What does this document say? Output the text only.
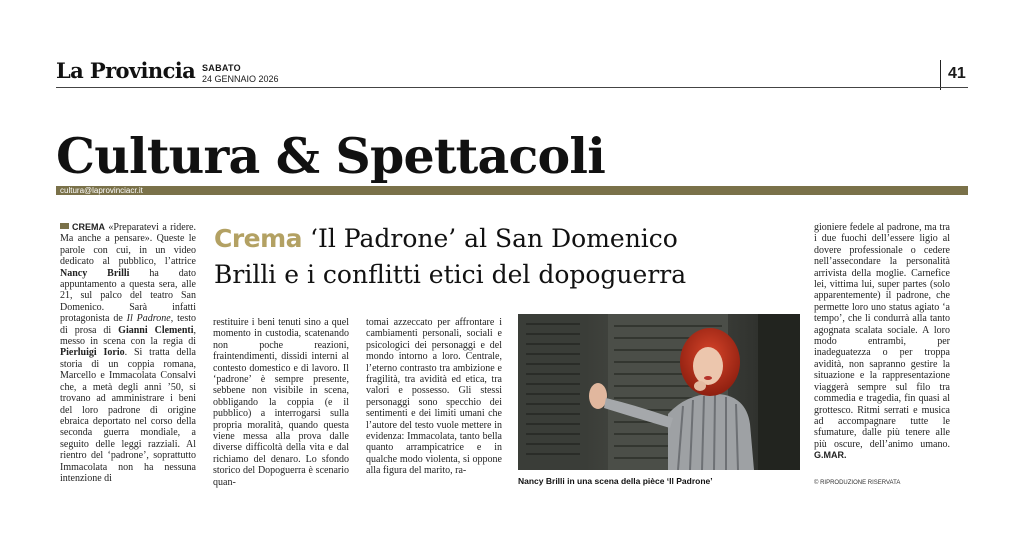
La Provincia SABATO
24 GENNAIO 2026	41
Cultura & Spettacoli
cultura@laprovinciacr.it
Crema ‘Il Padrone’ al San Domenico
Brilli e i conflitti etici del dopoguerra

CREMA «Preparatevi a ridere. Ma anche a pensare». Queste le parole con cui, in un video dedicato al pubblico, l’attrice Nancy Brilli ha dato appuntamento a questa sera, alle 21, sul palco del teatro San Domenico. Sarà infatti protagonista de Il Padrone, testo di prosa di Gianni Clementi, messo in scena con la regia di Pierluigi Iorio. Si tratta della storia di un coppia romana, Marcello e Immacolata Consalvi che, a metà degli anni ’50, si trovano ad amministrare i beni del loro padrone di origine ebraica deportato nel corso della seconda guerra mondiale, a seguito delle leggi razziali. Al rientro del ‘padrone’, soprattutto Immacolata non ha nessuna intenzione di

restituire i beni tenuti sino a quel momento in custodia, scatenando non poche reazioni, fraintendimenti, dissidi interni al contesto domestico e di lavoro. Il ‘padrone’ è sempre presente, sebbene non visibile in scena, obbligando la coppia (e il pubblico) a interrogarsi sulla propria moralità, quando questa viene messa alla prova dalle diverse difficoltà della vita e dal richiamo del denaro. Lo sfondo storico del Dopoguerra è scenario quan-

tomai azzeccato per affrontare i cambiamenti personali, sociali e psicologici dei personaggi e del mondo intorno a loro. Centrale, l’eterno contrasto tra ambizione e fragilità, tra avidità ed etica, tra valori e possesso. Gli stessi personaggi sono specchio dei sentimenti e dei limiti umani che l’autore del testo vuole mettere in evidenza: Immacolata, tanto bella quanto arrampicatrice e in qualche modo violenta, si oppone alla figura del marito, ra-

Nancy Brilli in una scena della pièce ‘Il Padrone’

gioniere fedele al padrone, ma tra i due fuochi dell’essere ligio al dovere professionale o cedere nell’assecondare la personalità arrivista della moglie. Carnefice lei, vittima lui, super partes (solo apparentemente) il padrone, che permette loro uno status agiato ‘a tempo’, che li condurrà alla tanto agognata scalata sociale. A loro modo entrambi, per inadeguatezza o per troppa avidità, non sapranno gestire la situazione e la rappresentazione viaggerà sempre sul filo tra commedia e tragedia, fin quasi al grottesco. Ritmi serrati e musica ad accompagnare tutte le sfumature, dalle più tenere alle più oscure, dell’animo umano. G.MAR.

© RIPRODUZIONE RISERVATA
